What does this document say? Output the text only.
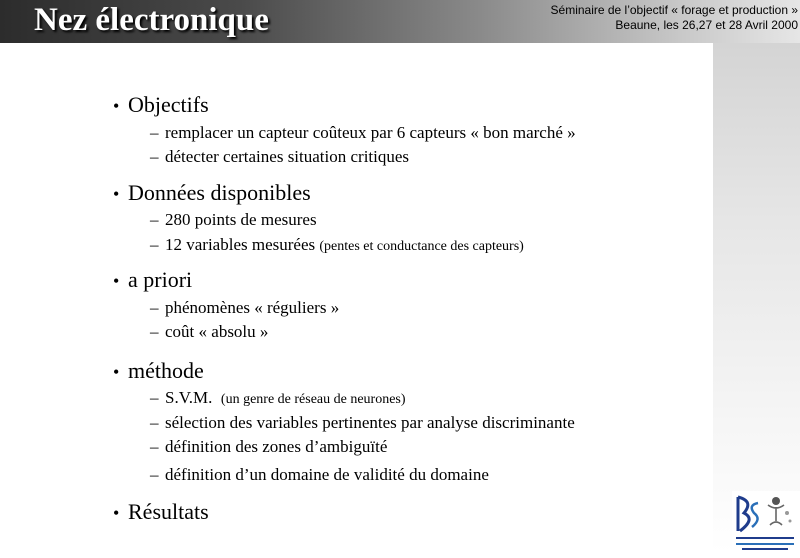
Nez électronique	Séminaire de l’objectif « forage et production »
Beaune, les 26,27 et 28 Avril 2000
• Objectifs
– remplacer un capteur coûteux par 6 capteurs « bon marché »
– détecter certaines situation critiques
• Données disponibles
– 280 points de mesures
– 12 variables mesurées (pentes et conductance des capteurs)
• a priori
– phénomènes « réguliers »
– coût « absolu »
• méthode
– S.V.M.  (un genre de réseau de neurones)
– sélection des variables pertinentes par analyse discriminante
– définition des zones d’ambiguïté
– définition d’un domaine de validité du domaine
• Résultats
